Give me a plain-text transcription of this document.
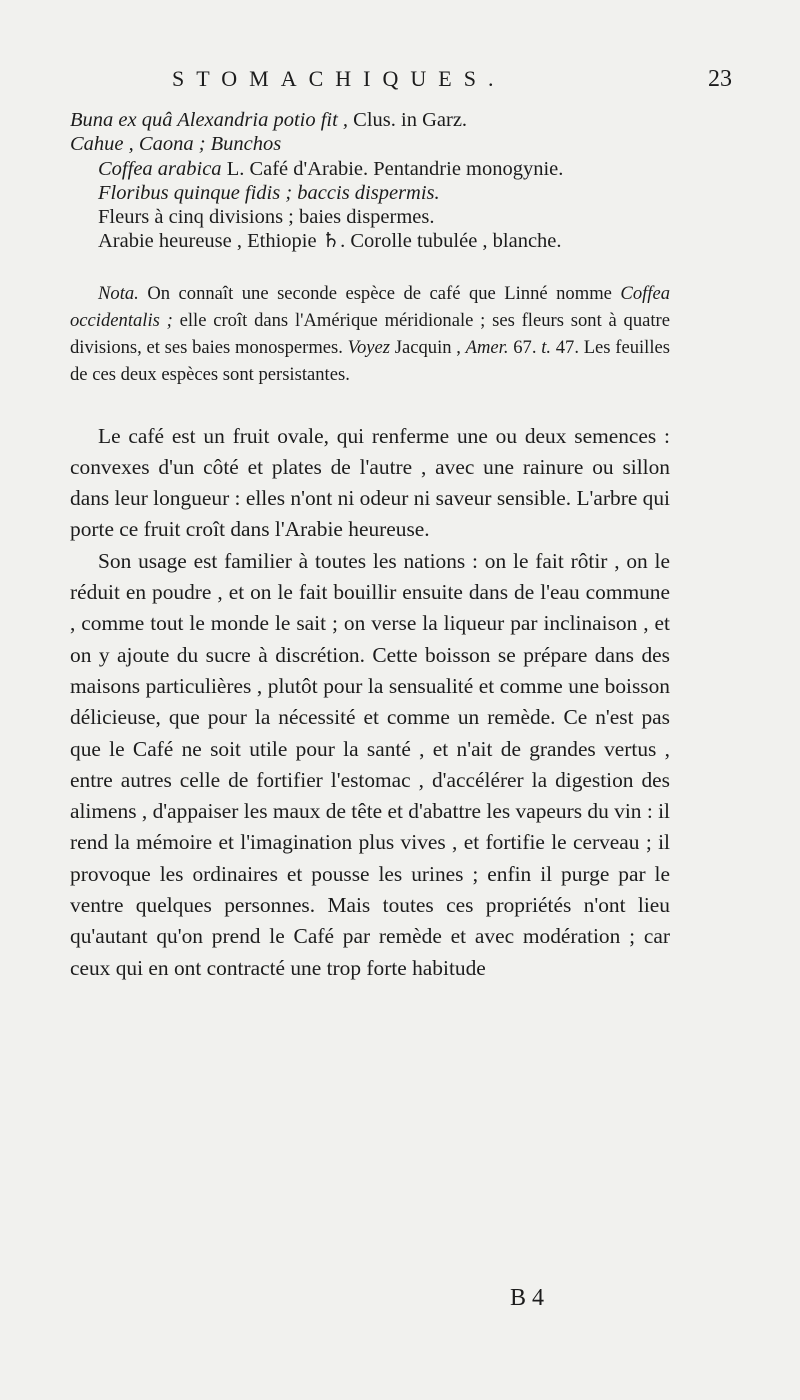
STOMACHIQUES.	23

Buna ex quâ Alexandria potio fit , Clus. in Garz.

Cahue , Caona ; Bunchos

Coffea arabica L. Café d'Arabie. Pentandrie monogynie.

Floribus quinque fidis ; baccis dispermis.

Fleurs à cinq divisions ; baies dispermes.

Arabie heureuse , Ethiopie ♄. Corolle tubulée , blanche.

Nota. On connaît une seconde espèce de café que Linné nomme Coffea occidentalis ; elle croît dans l'Amérique méridionale ; ses fleurs sont à quatre divisions, et ses baies monospermes. Voyez Jacquin , Amer. 67. t. 47. Les feuilles de ces deux espèces sont persistantes.

Le café est un fruit ovale, qui renferme une ou deux semences : convexes d'un côté et plates de l'autre , avec une rainure ou sillon dans leur longueur : elles n'ont ni odeur ni saveur sensible. L'arbre qui porte ce fruit croît dans l'Arabie heureuse.

Son usage est familier à toutes les nations : on le fait rôtir , on le réduit en poudre , et on le fait bouillir ensuite dans de l'eau commune , comme tout le monde le sait ; on verse la liqueur par inclinaison , et on y ajoute du sucre à discrétion. Cette boisson se prépare dans des maisons particulières , plutôt pour la sensualité et comme une boisson délicieuse, que pour la nécessité et comme un remède. Ce n'est pas que le Café ne soit utile pour la santé , et n'ait de grandes vertus , entre autres celle de fortifier l'estomac , d'accélérer la digestion des alimens , d'appaiser les maux de tête et d'abattre les vapeurs du vin : il rend la mémoire et l'imagination plus vives , et fortifie le cerveau ; il provoque les ordinaires et pousse les urines ; enfin il purge par le ventre quelques personnes. Mais toutes ces propriétés n'ont lieu qu'autant qu'on prend le Café par remède et avec modération ; car ceux qui en ont contracté une trop forte habitude

B 4
